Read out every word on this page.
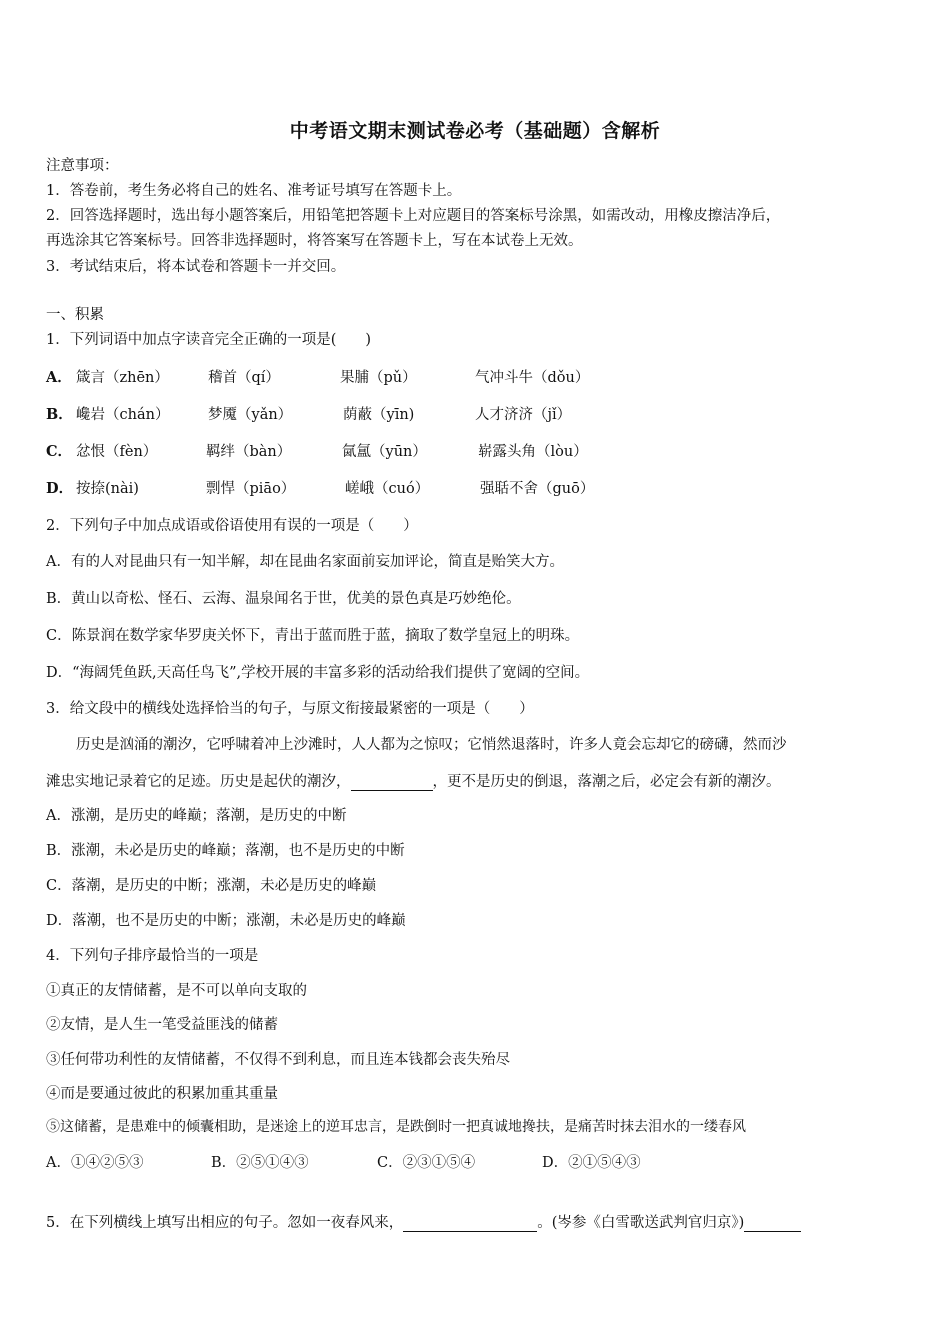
中考语文期末测试卷必考（基础题）含解析
注意事项：
1．答卷前，考生务必将自己的姓名、准考证号填写在答题卡上。
2．回答选择题时，选出每小题答案后，用铅笔把答题卡上对应题目的答案标号涂黑，如需改动，用橡皮擦洁净后，
再选涂其它答案标号。回答非选择题时，将答案写在答题卡上，写在本试卷上无效。
3．考试结束后，将本试卷和答题卡一并交回。
一、积累
1．下列词语中加点字读音完全正确的一项是(　　)
A． 箴言（zhēn）	稽首（qí）	果脯（pǔ）	气冲斗牛（dǒu）
B． 巉岩（chán）	梦魇（yǎn）	荫蔽（yīn)	人才济济（jǐ）
C． 忿恨（fèn）	羁绊（bàn）	氤氲（yūn）	崭露头角（lòu）
D． 按捺(nài)	剽悍（piāo）	嵯峨（cuó）	强聒不舍（guō）
2．下列句子中加点成语或俗语使用有误的一项是（　　）
A．有的人对昆曲只有一知半解，却在昆曲名家面前妄加评论，简直是贻笑大方。
B．黄山以奇松、怪石、云海、温泉闻名于世，优美的景色真是巧妙绝伦。
C．陈景润在数学家华罗庚关怀下，青出于蓝而胜于蓝，摘取了数学皇冠上的明珠。
D．“海阔凭鱼跃,天高任鸟飞”,学校开展的丰富多彩的活动给我们提供了宽阔的空间。
3．给文段中的横线处选择恰当的句子，与原文衔接最紧密的一项是（　　）
历史是汹涌的潮汐，它呼啸着冲上沙滩时，人人都为之惊叹；它悄然退落时，许多人竟会忘却它的磅礴，然而沙
滩忠实地记录着它的足迹。历史是起伏的潮汐，	，更不是历史的倒退，落潮之后，必定会有新的潮汐。
A．涨潮，是历史的峰巅；落潮，是历史的中断
B．涨潮，未必是历史的峰巅；落潮，也不是历史的中断
C．落潮，是历史的中断；涨潮，未必是历史的峰巅
D．落潮，也不是历史的中断；涨潮，未必是历史的峰巅
4．下列句子排序最恰当的一项是
①真正的友情储蓄，是不可以单向支取的
②友情，是人生一笔受益匪浅的储蓄
③任何带功利性的友情储蓄，不仅得不到利息，而且连本钱都会丧失殆尽
④而是要通过彼此的积累加重其重量
⑤这储蓄，是患难中的倾囊相助，是迷途上的逆耳忠言，是跌倒时一把真诚地搀扶，是痛苦时抹去泪水的一缕春风
A．①④②⑤③	B．②⑤①④③	C．②③①⑤④	D．②①⑤④③
5．在下列横线上填写出相应的句子。忽如一夜春风来，	。(岑参《白雪歌送武判官归京》)
